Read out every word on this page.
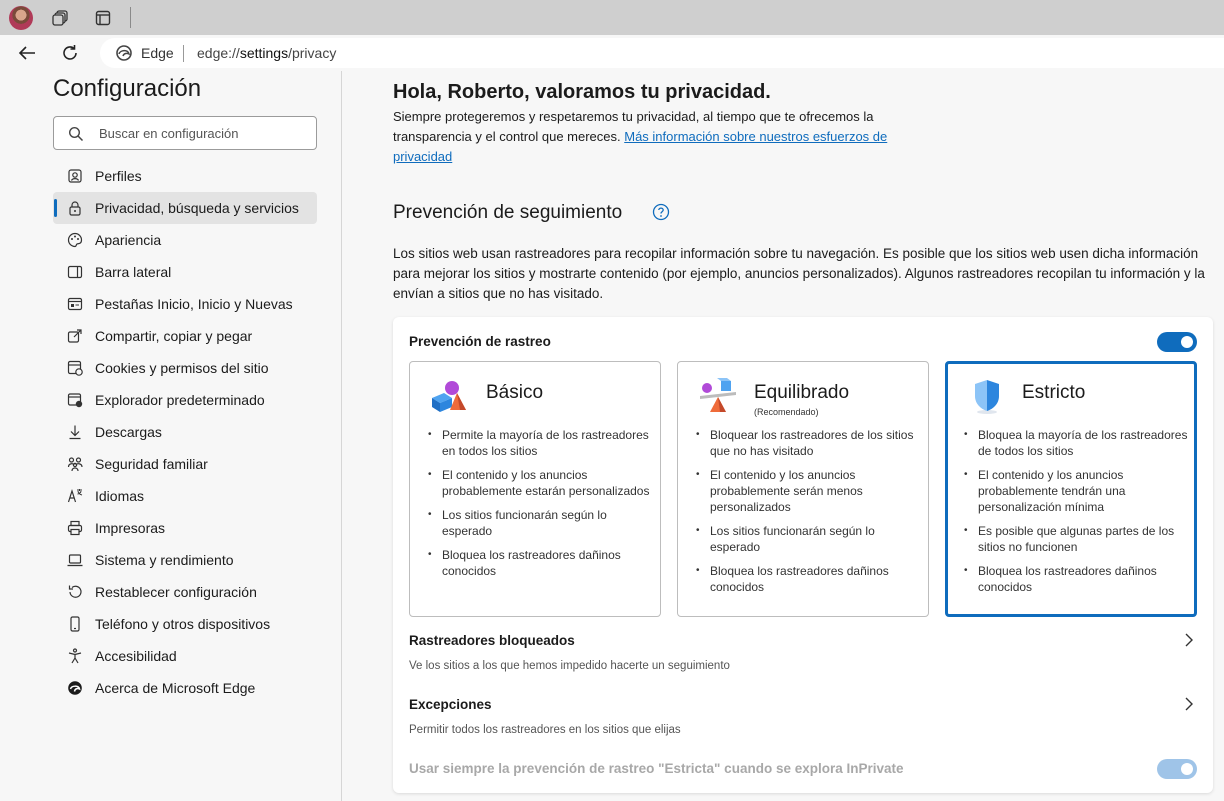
Edge edge://settings/privacy
Configuración
Buscar en configuración
Perfiles
Privacidad, búsqueda y servicios
Apariencia
Barra lateral
Pestañas Inicio, Inicio y Nuevas
Compartir, copiar y pegar
Cookies y permisos del sitio
Explorador predeterminado
Descargas
Seguridad familiar
Idiomas
Impresoras
Sistema y rendimiento
Restablecer configuración
Teléfono y otros dispositivos
Accesibilidad
Acerca de Microsoft Edge
Hola, Roberto, valoramos tu privacidad.
Siempre protegeremos y respetaremos tu privacidad, al tiempo que te ofrecemos la transparencia y el control que mereces. Más información sobre nuestros esfuerzos de privacidad
Prevención de seguimiento
Los sitios web usan rastreadores para recopilar información sobre tu navegación. Es posible que los sitios web usen dicha información para mejorar los sitios y mostrarte contenido (por ejemplo, anuncios personalizados). Algunos rastreadores recopilan tu información y la envían a sitios que no has visitado.
Prevención de rastreo
Básico
• Permite la mayoría de los rastreadores en todos los sitios
• El contenido y los anuncios probablemente estarán personalizados
• Los sitios funcionarán según lo esperado
• Bloquea los rastreadores dañinos conocidos
Equilibrado
(Recomendado)
• Bloquear los rastreadores de los sitios que no has visitado
• El contenido y los anuncios probablemente serán menos personalizados
• Los sitios funcionarán según lo esperado
• Bloquea los rastreadores dañinos conocidos
Estricto
• Bloquea la mayoría de los rastreadores de todos los sitios
• El contenido y los anuncios probablemente tendrán una personalización mínima
• Es posible que algunas partes de los sitios no funcionen
• Bloquea los rastreadores dañinos conocidos
Rastreadores bloqueados
Ve los sitios a los que hemos impedido hacerte un seguimiento
Excepciones
Permitir todos los rastreadores en los sitios que elijas
Usar siempre la prevención de rastreo "Estricta" cuando se explora InPrivate
